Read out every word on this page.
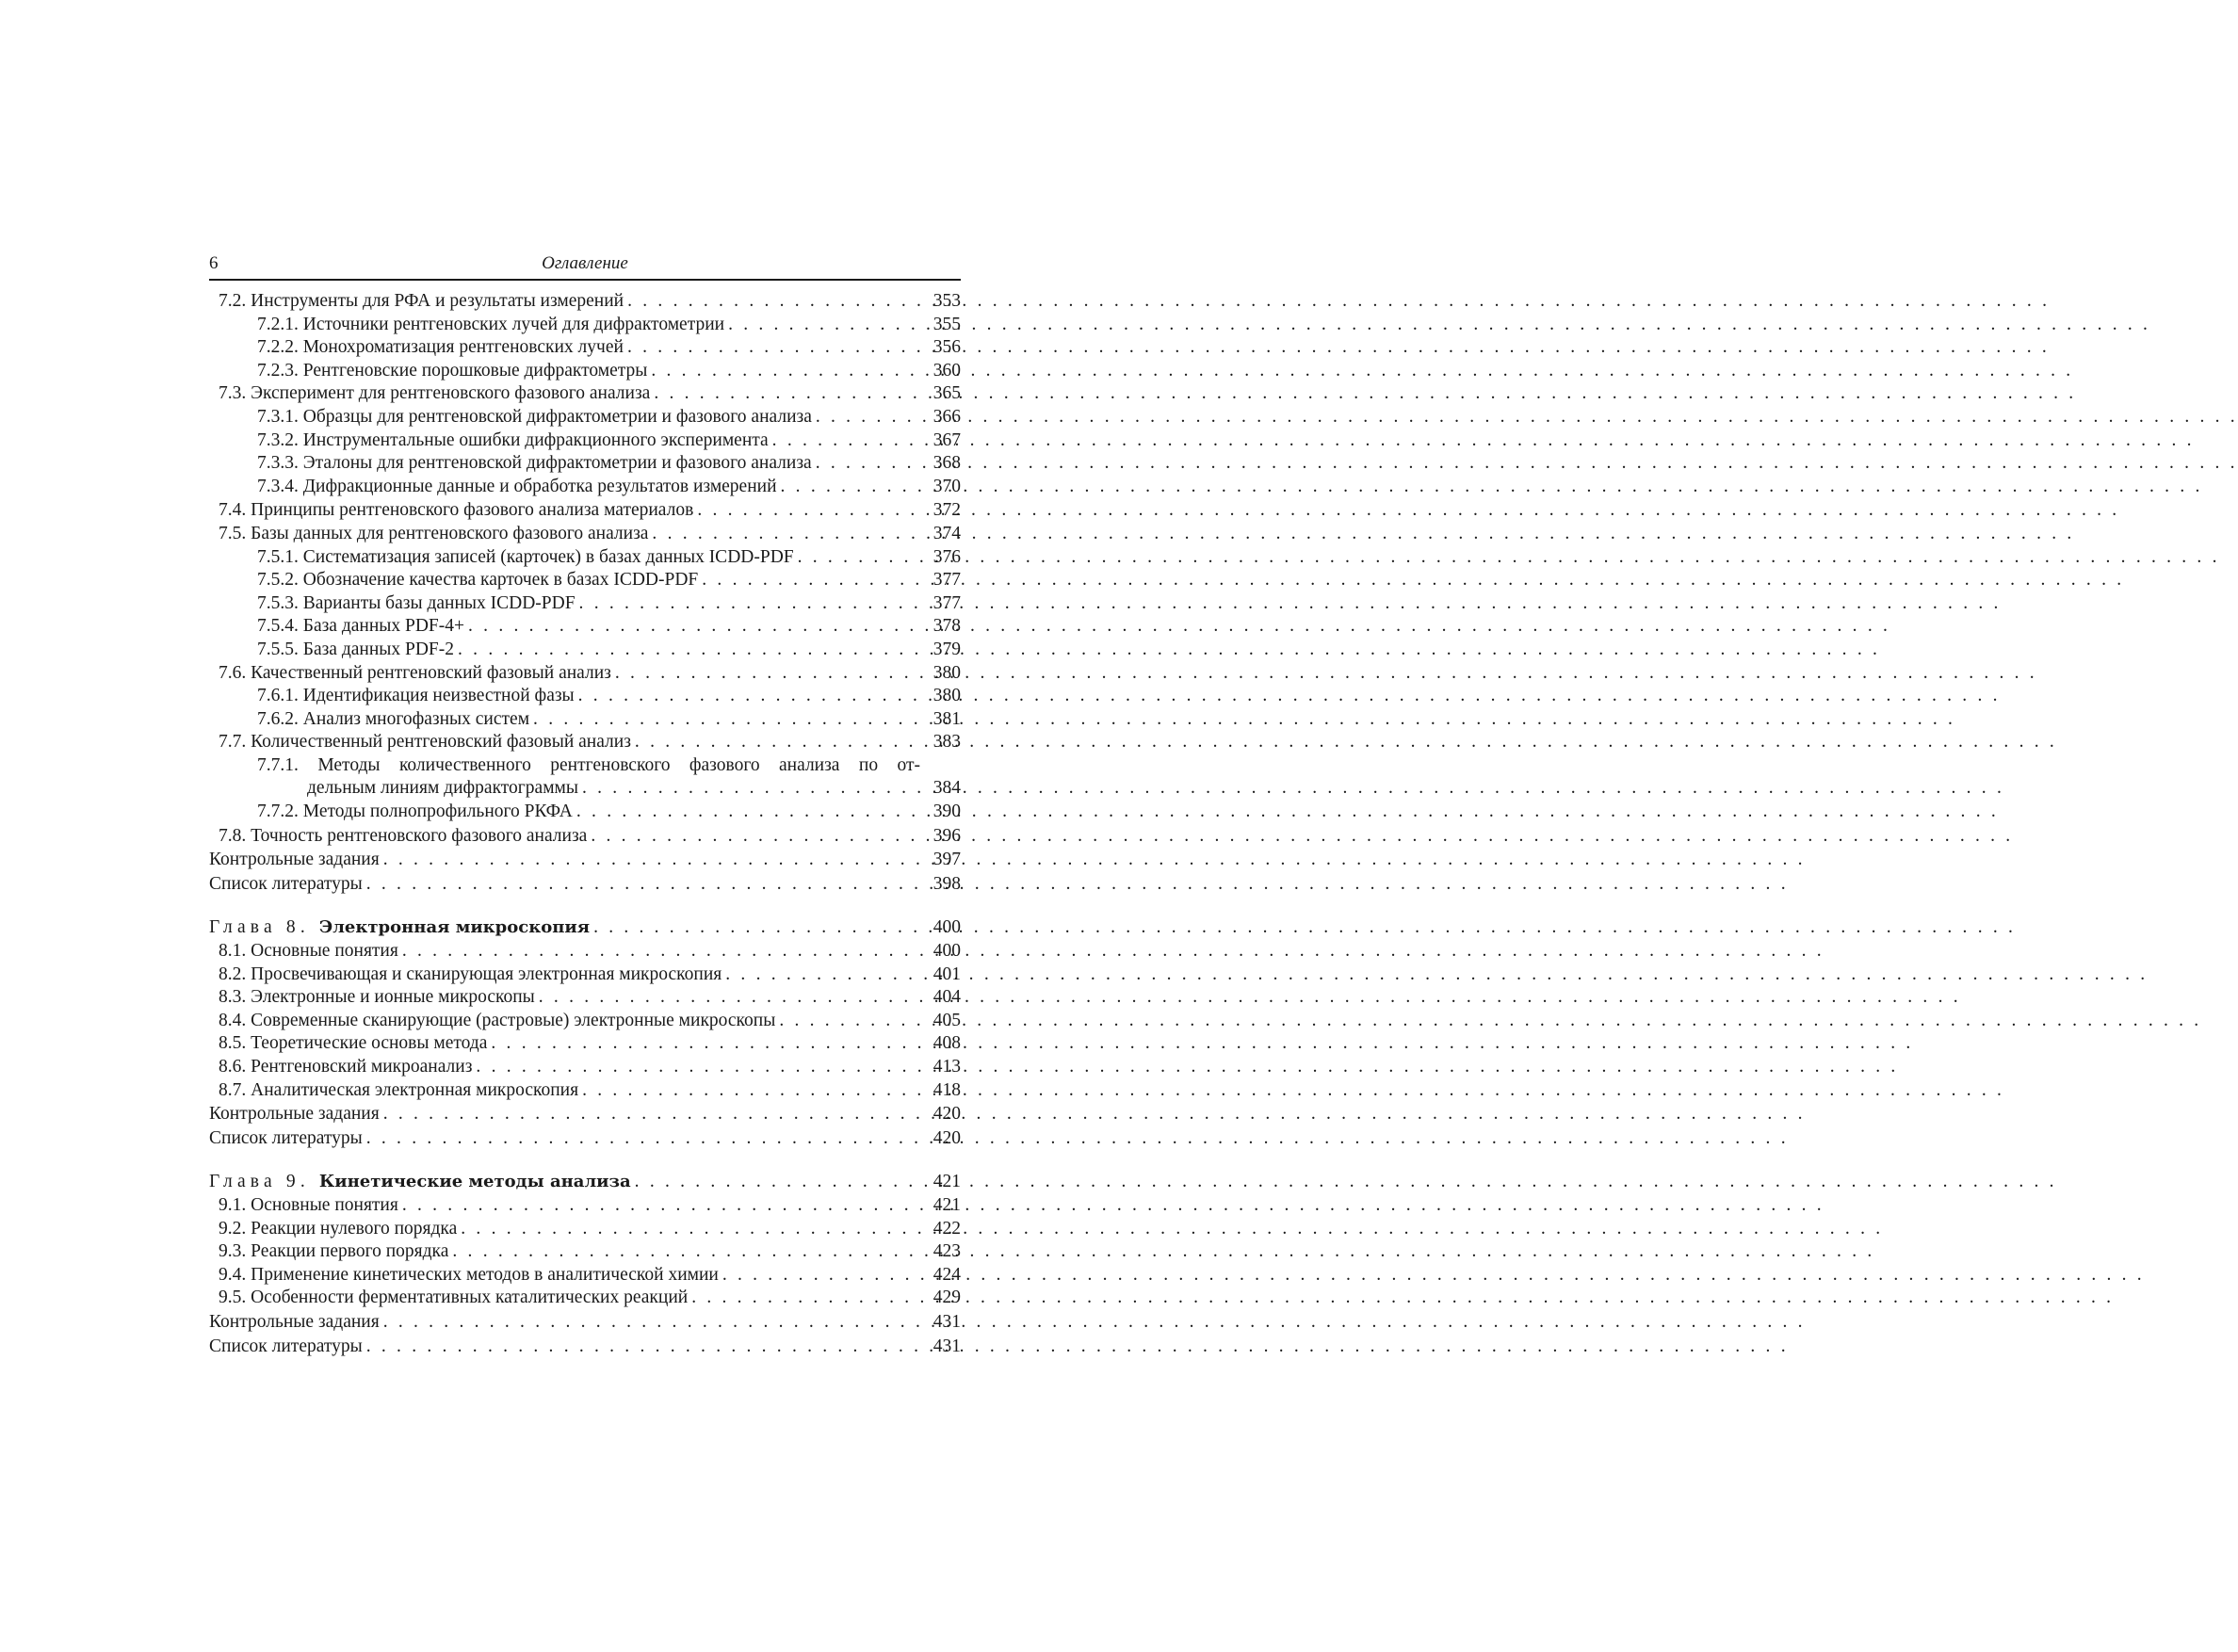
6	Оглавление
7.2. Инструменты для РФА и результаты измерений . . .	353
7.2.1. Источники рентгеновских лучей для дифрактометрии . . .	355
7.2.2. Монохроматизация рентгеновских лучей . . .	356
7.2.3. Рентгеновские порошковые дифрактометры . . .	360
7.3. Эксперимент для рентгеновского фазового анализа . . .	365
7.3.1. Образцы для рентгеновской дифрактометрии и фазового анализа . . .	366
7.3.2. Инструментальные ошибки дифракционного эксперимента . . .	367
7.3.3. Эталоны для рентгеновской дифрактометрии и фазового анализа . . .	368
7.3.4. Дифракционные данные и обработка результатов измерений . . .	370
7.4. Принципы рентгеновского фазового анализа материалов . . .	372
7.5. Базы данных для рентгеновского фазового анализа . . .	374
7.5.1. Систематизация записей (карточек) в базах данных ICDD-PDF . . .	376
7.5.2. Обозначение качества карточек в базах ICDD-PDF . . .	377
7.5.3. Варианты базы данных ICDD-PDF . . .	377
7.5.4. База данных PDF-4+ . . .	378
7.5.5. База данных PDF-2 . . .	379
7.6. Качественный рентгеновский фазовый анализ . . .	380
7.6.1. Идентификация неизвестной фазы . . .	380
7.6.2. Анализ многофазных систем . . .	381
7.7. Количественный рентгеновский фазовый анализ . . .	383
7.7.1. Методы количественного рентгеновского фазового анализа по от-
дельным линиям дифрактограммы . . .	384
7.7.2. Методы полнопрофильного РКФА . . .	390
7.8. Точность рентгеновского фазового анализа . . .	396
Контрольные задания . . .	397
Список литературы . . .	398
Глава 8. Электронная микроскопия . . .	400
8.1. Основные понятия . . .	400
8.2. Просвечивающая и сканирующая электронная микроскопия . . .	401
8.3. Электронные и ионные микроскопы . . .	404
8.4. Современные сканирующие (растровые) электронные микроскопы . . .	405
8.5. Теоретические основы метода . . .	408
8.6. Рентгеновский микроанализ . . .	413
8.7. Аналитическая электронная микроскопия . . .	418
Контрольные задания . . .	420
Список литературы . . .	420
Глава 9. Кинетические методы анализа . . .	421
9.1. Основные понятия . . .	421
9.2. Реакции нулевого порядка . . .	422
9.3. Реакции первого порядка . . .	423
9.4. Применение кинетических методов в аналитической химии . . .	424
9.5. Особенности ферментативных каталитических реакций . . .	429
Контрольные задания . . .	431
Список литературы . . .	431
